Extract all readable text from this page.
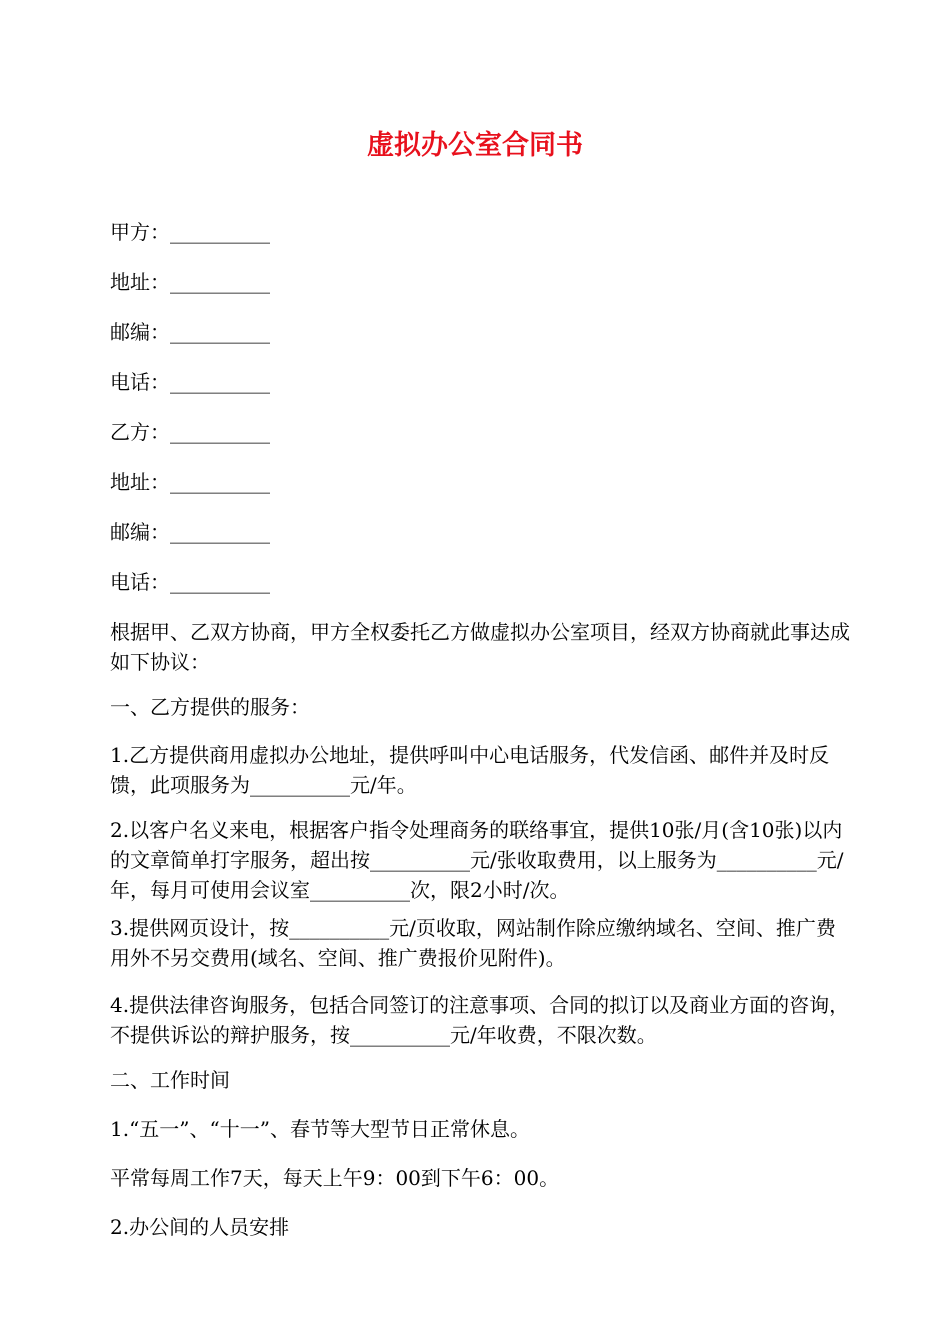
虚拟办公室合同书
甲方：__________
地址：__________
邮编：__________
电话：__________
乙方：__________
地址：__________
邮编：__________
电话：__________
根据甲、乙双方协商，甲方全权委托乙方做虚拟办公室项目，经双方协商就此事达成如下协议：
一、乙方提供的服务：
1.乙方提供商用虚拟办公地址，提供呼叫中心电话服务，代发信函、邮件并及时反馈，此项服务为__________元/年。
2.以客户名义来电，根据客户指令处理商务的联络事宜，提供10张/月(含10张)以内的文章简单打字服务，超出按__________元/张收取费用，以上服务为__________元/年，每月可使用会议室__________次，限2小时/次。
3.提供网页设计，按__________元/页收取，网站制作除应缴纳域名、空间、推广费用外不另交费用(域名、空间、推广费报价见附件)。
4.提供法律咨询服务，包括合同签订的注意事项、合同的拟订以及商业方面的咨询，不提供诉讼的辩护服务，按__________元/年收费，不限次数。
二、工作时间
1.“五一”、“十一”、春节等大型节日正常休息。
平常每周工作7天，每天上午9：00到下午6：00。
2.办公间的人员安排
